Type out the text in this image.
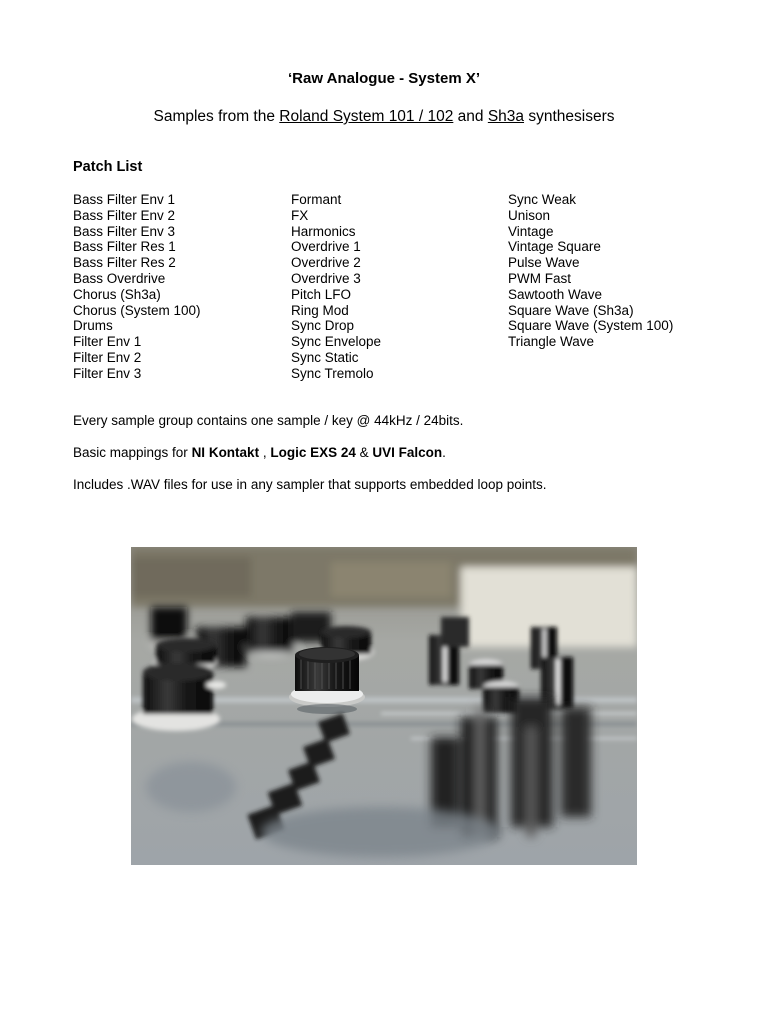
‘Raw Analogue - System X’
Samples from the Roland System 101 / 102 and Sh3a synthesisers
Patch List
Bass Filter Env 1
Bass Filter Env 2
Bass Filter Env 3
Bass Filter Res 1
Bass Filter Res 2
Bass Overdrive
Chorus (Sh3a)
Chorus (System 100)
Drums
Filter Env 1
Filter Env 2
Filter Env 3
Formant
FX
Harmonics
Overdrive 1
Overdrive 2
Overdrive 3
Pitch LFO
Ring Mod
Sync Drop
Sync Envelope
Sync Static
Sync Tremolo
Sync Weak
Unison
Vintage
Vintage Square
Pulse Wave
PWM Fast
Sawtooth Wave
Square Wave (Sh3a)
Square Wave (System 100)
Triangle Wave
Every sample group contains one sample / key @ 44kHz / 24bits.
Basic mappings for NI Kontakt , Logic EXS 24 & UVI Falcon.
Includes .WAV files for use in any sampler that supports embedded loop points.
